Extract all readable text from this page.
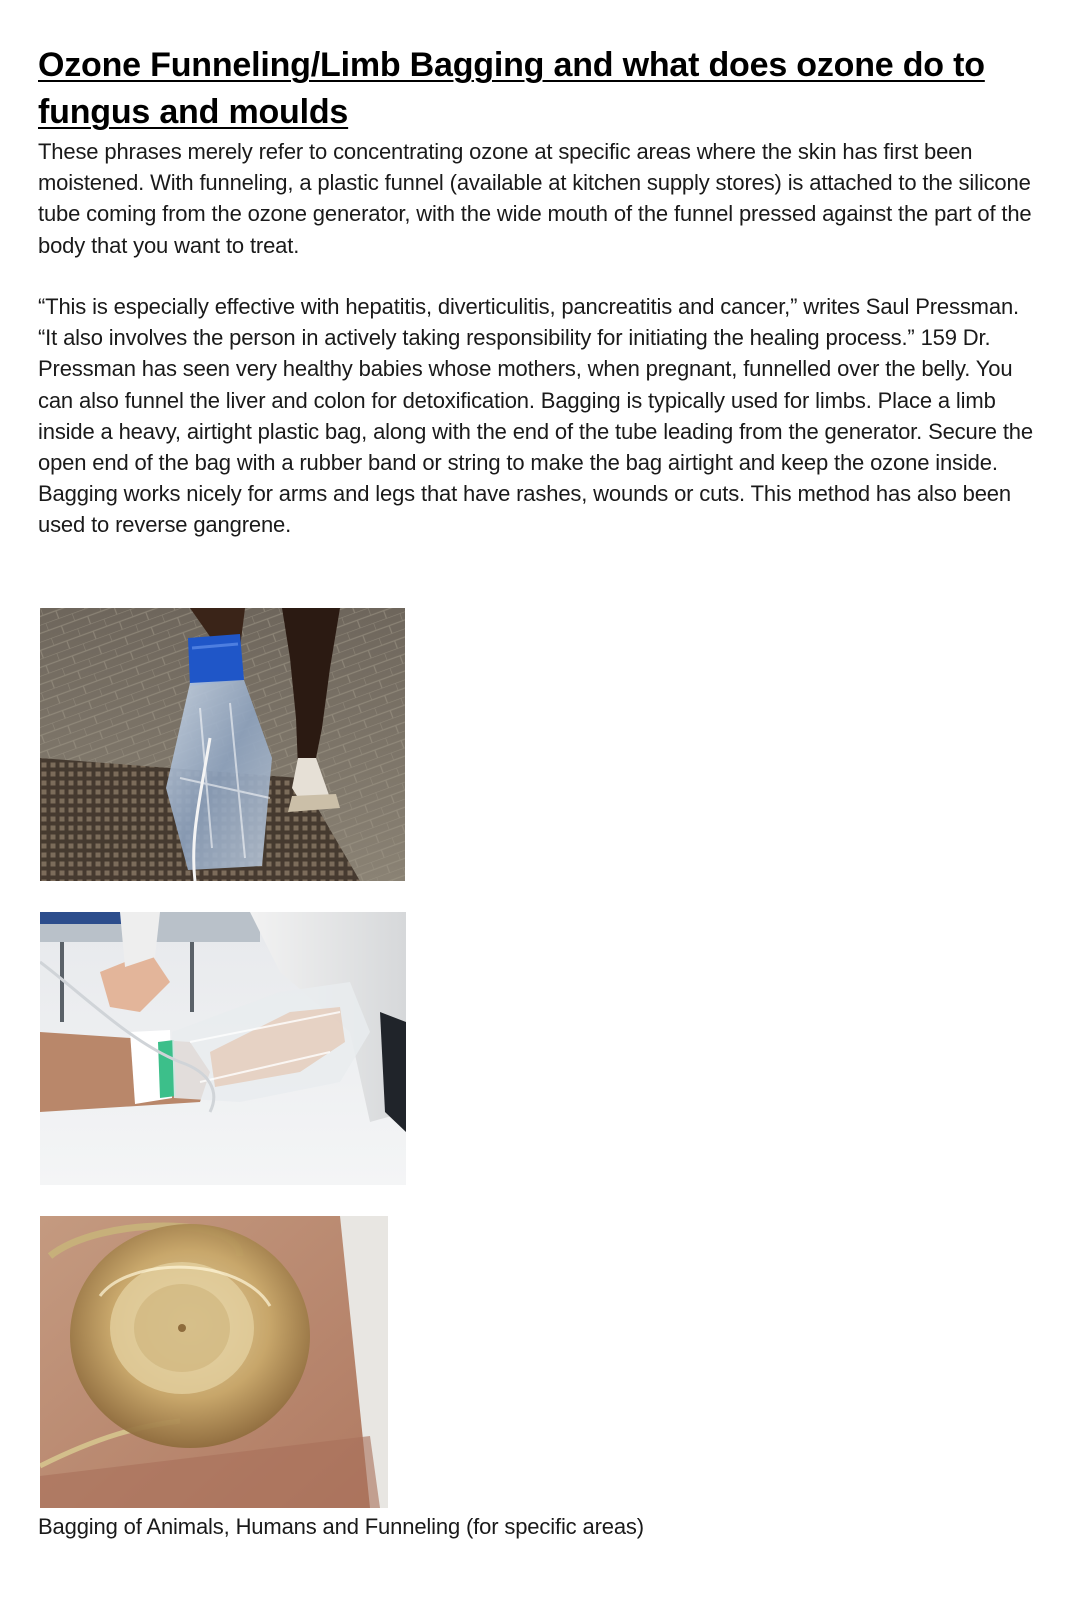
Ozone Funneling/Limb Bagging and what does ozone do to fungus and moulds

These phrases merely refer to concentrating ozone at specific areas where the skin has first been moistened. With funneling, a plastic funnel (available at kitchen supply stores) is attached to the silicone tube coming from the ozone generator, with the wide mouth of the funnel pressed against the part of the body that you want to treat.

“This is especially effective with hepatitis, diverticulitis, pancreatitis and cancer,” writes Saul Pressman. “It also involves the person in actively taking responsibility for initiating the healing process.” 159 Dr. Pressman has seen very healthy babies whose mothers, when pregnant, funnelled over the belly. You can also funnel the liver and colon for detoxification. Bagging is typically used for limbs. Place a limb inside a heavy, airtight plastic bag, along with the end of the tube leading from the generator. Secure the open end of the bag with a rubber band or string to make the bag airtight and keep the ozone inside. Bagging works nicely for arms and legs that have rashes, wounds or cuts. This method has also been used to reverse gangrene.

Bagging of Animals, Humans and Funneling (for specific areas)
